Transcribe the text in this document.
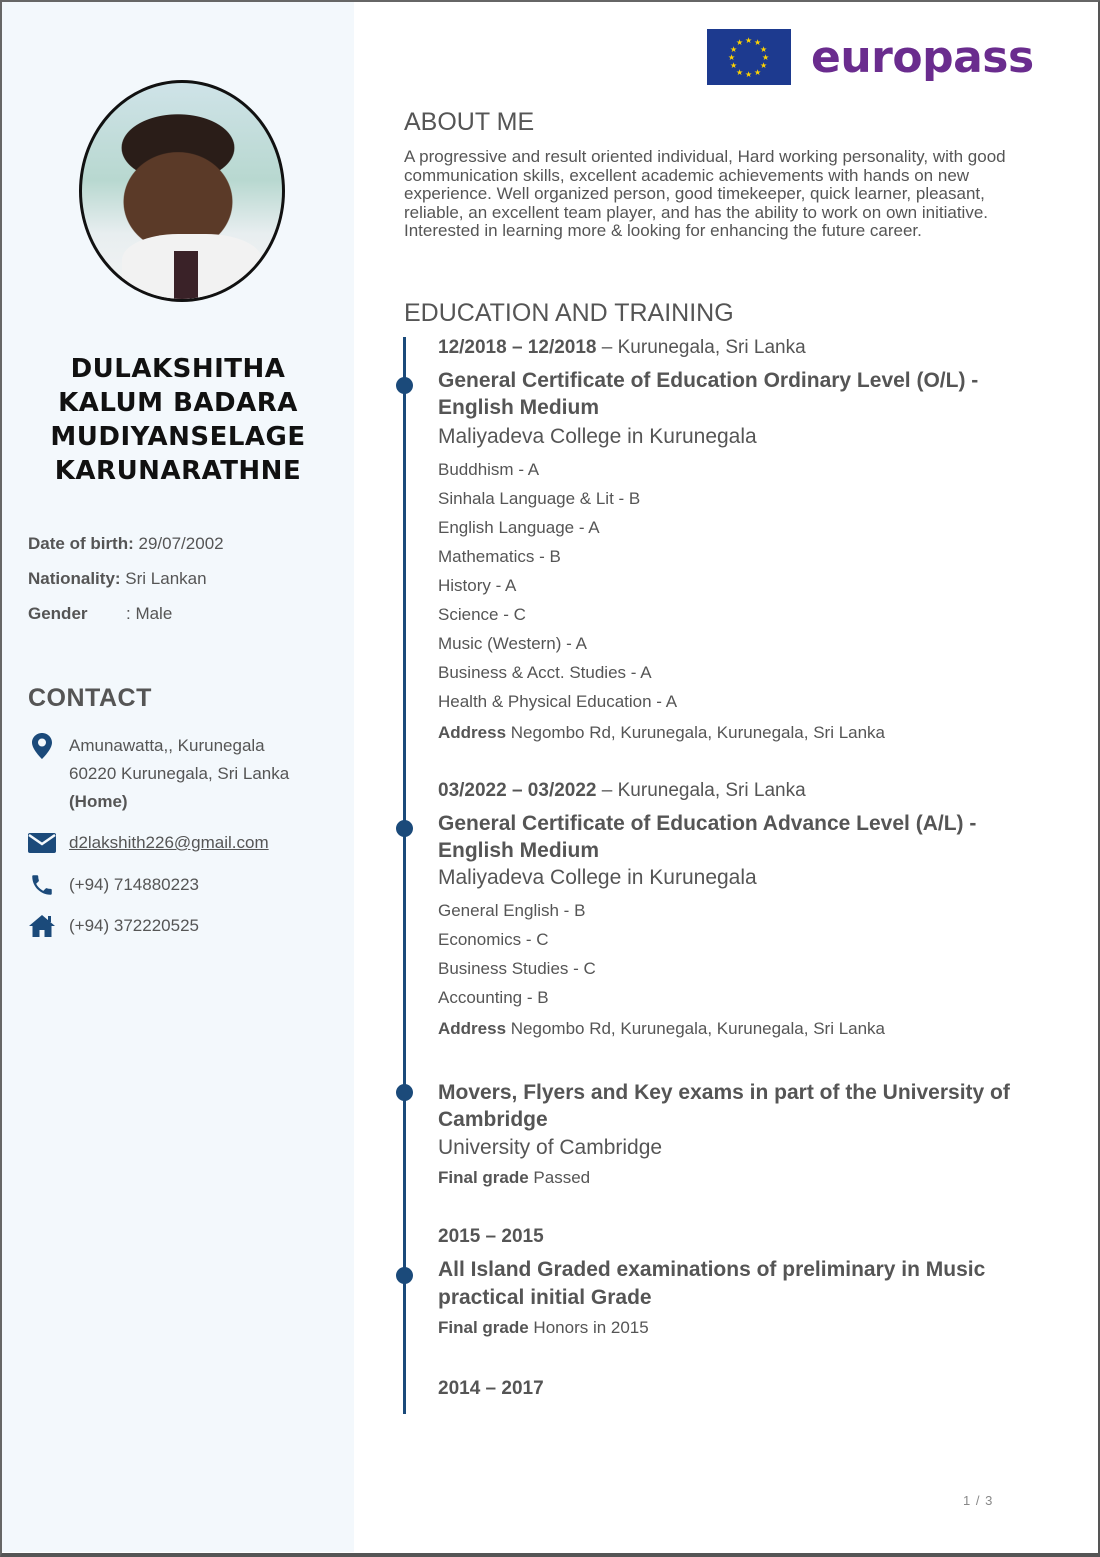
DULAKSHITHA
KALUM BADARA
MUDIYANSELAGE
KARUNARATHNE
Date of birth: 29/07/2002
Nationality: Sri Lankan
Gender : Male
CONTACT
Amunawatta,, Kurunegala
60220 Kurunegala, Sri Lanka
(Home)
d2lakshith226@gmail.com
(+94) 714880223
(+94) 372220525
★ ★
★
★
★
★
★
★
★
★
★
★ europass
ABOUT ME
A progressive and result oriented individual, Hard working personality, with good communication skills, excellent academic achievements with hands on new experience. Well organized person, good timekeeper, quick learner, pleasant, reliable, an excellent team player, and has the ability to work on own initiative. Interested in learning more & looking for enhancing the future career.
EDUCATION AND TRAINING
12/2018 – 12/2018 – Kurunegala, Sri Lanka
General Certificate of Education Ordinary Level (O/L) - English Medium
Maliyadeva College in Kurunegala
Buddhism - A
Sinhala Language & Lit - B
English Language - A
Mathematics - B
History - A
Science - C
Music (Western) - A
Business & Acct. Studies - A
Health & Physical Education - A
Address Negombo Rd, Kurunegala, Kurunegala, Sri Lanka
03/2022 – 03/2022 – Kurunegala, Sri Lanka
General Certificate of Education Advance Level (A/L) - English Medium
Maliyadeva College in Kurunegala
General English - B
Economics - C
Business Studies - C
Accounting - B
Address Negombo Rd, Kurunegala, Kurunegala, Sri Lanka
Movers, Flyers and Key exams in part of the University of Cambridge
University of Cambridge
Final grade Passed
2015 – 2015
All Island Graded examinations of preliminary in Music practical initial Grade
Final grade Honors in 2015
2014 – 2017
1 / 3
